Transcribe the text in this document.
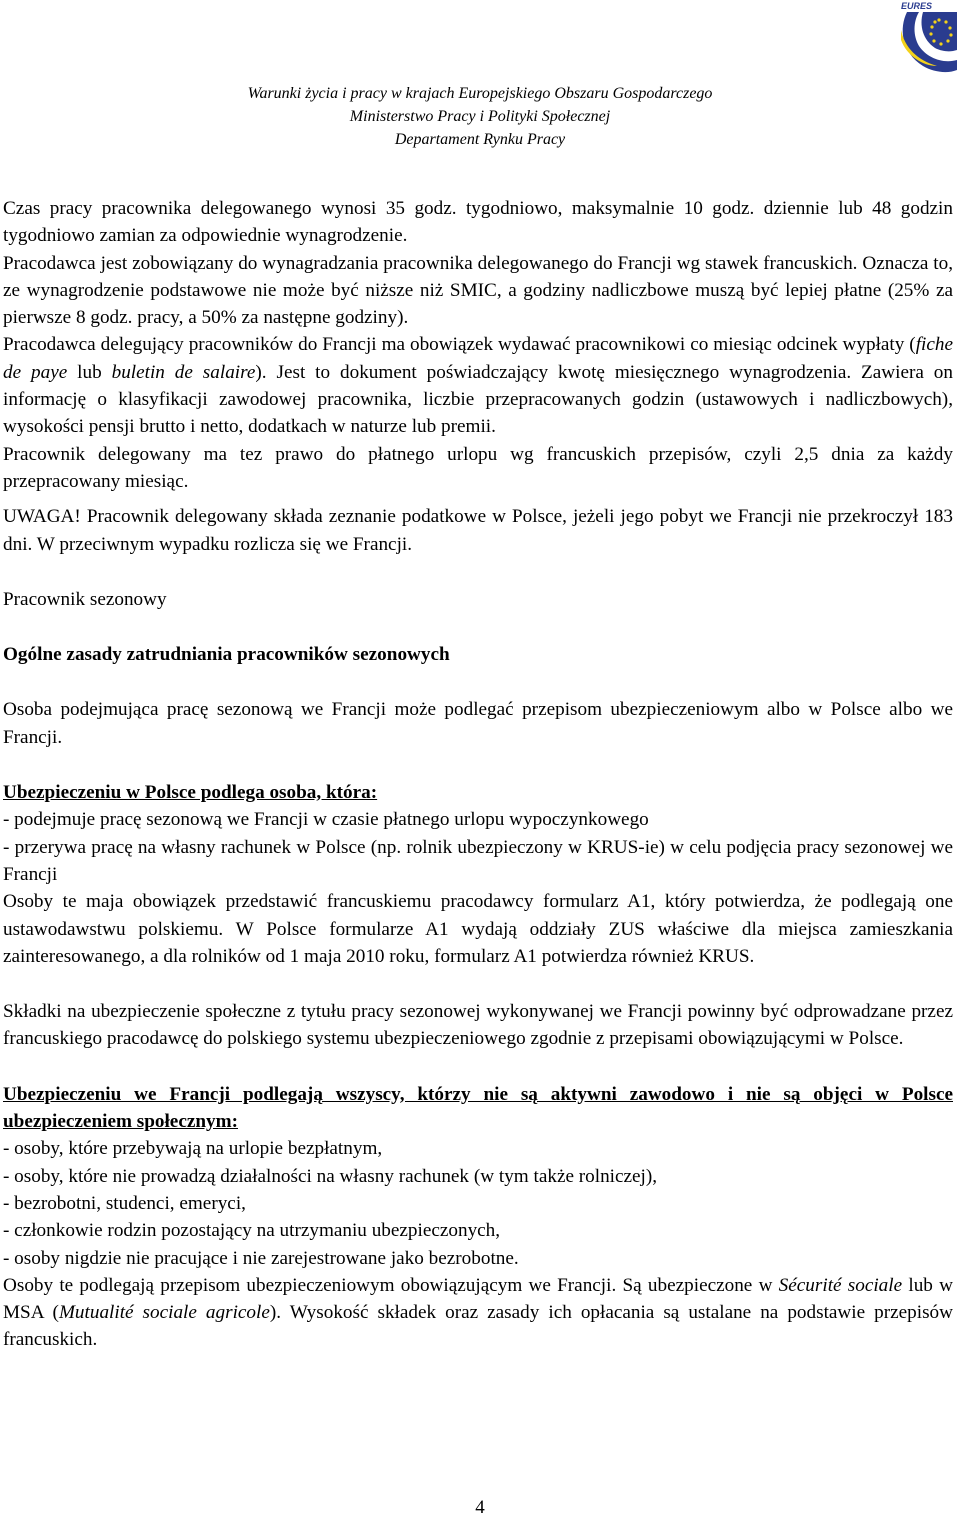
EURES
Warunki życia i pracy w krajach Europejskiego Obszaru Gospodarczego
Ministerstwo Pracy i Polityki Społecznej
Departament Rynku Pracy

Czas pracy pracownika delegowanego wynosi 35 godz. tygodniowo, maksymalnie 10 godz. dziennie lub 48 godzin tygodniowo zamian za odpowiednie wynagrodzenie.

Pracodawca jest zobowiązany do wynagradzania pracownika delegowanego do Francji wg stawek francuskich. Oznacza to, ze wynagrodzenie podstawowe nie może być niższe niż SMIC, a godziny nadliczbowe muszą być lepiej płatne (25% za pierwsze 8 godz. pracy, a 50% za następne godziny).

Pracodawca delegujący pracowników do Francji ma obowiązek wydawać pracownikowi co miesiąc odcinek wypłaty (fiche de paye lub buletin de salaire). Jest to dokument poświadczający kwotę miesięcznego wynagrodzenia. Zawiera on informację o klasyfikacji zawodowej pracownika, liczbie przepracowanych godzin (ustawowych i nadliczbowych), wysokości pensji brutto i netto, dodatkach w naturze lub premii.

Pracownik delegowany ma tez prawo do płatnego urlopu wg francuskich przepisów, czyli 2,5 dnia za każdy przepracowany miesiąc.

UWAGA! Pracownik delegowany składa zeznanie podatkowe w Polsce, jeżeli jego pobyt we Francji nie przekroczył 183 dni. W przeciwnym wypadku rozlicza się we Francji.

Pracownik sezonowy

Ogólne zasady zatrudniania pracowników sezonowych

Osoba podejmująca pracę sezonową we Francji może podlegać przepisom ubezpieczeniowym albo w Polsce albo we Francji.

Ubezpieczeniu w Polsce podlega osoba, która:

- podejmuje pracę sezonową we Francji w czasie płatnego urlopu wypoczynkowego

- przerywa pracę na własny rachunek w Polsce (np. rolnik ubezpieczony w KRUS-ie) w celu podjęcia pracy sezonowej we Francji

Osoby te maja obowiązek przedstawić francuskiemu pracodawcy formularz A1, który potwierdza, że podlegają one ustawodawstwu polskiemu. W Polsce formularze A1 wydają oddziały ZUS właściwe dla miejsca zamieszkania zainteresowanego, a dla rolników od 1 maja 2010 roku, formularz A1 potwierdza również KRUS.

Składki na ubezpieczenie społeczne z tytułu pracy sezonowej wykonywanej we Francji powinny być odprowadzane przez francuskiego pracodawcę do polskiego systemu ubezpieczeniowego zgodnie z przepisami obowiązującymi w Polsce.

Ubezpieczeniu we Francji podlegają wszyscy, którzy nie są aktywni zawodowo i nie są objęci w Polsce ubezpieczeniem społecznym:

- osoby, które przebywają na urlopie bezpłatnym,

- osoby, które nie prowadzą działalności na własny rachunek (w tym także rolniczej),

- bezrobotni, studenci, emeryci,

- członkowie rodzin pozostający na utrzymaniu ubezpieczonych,

- osoby nigdzie nie pracujące i nie zarejestrowane jako bezrobotne.

Osoby te podlegają przepisom ubezpieczeniowym obowiązującym we Francji. Są ubezpieczone w Sécurité sociale lub w MSA (Mutualité sociale agricole). Wysokość składek oraz zasady ich opłacania są ustalane na podstawie przepisów francuskich.

4
